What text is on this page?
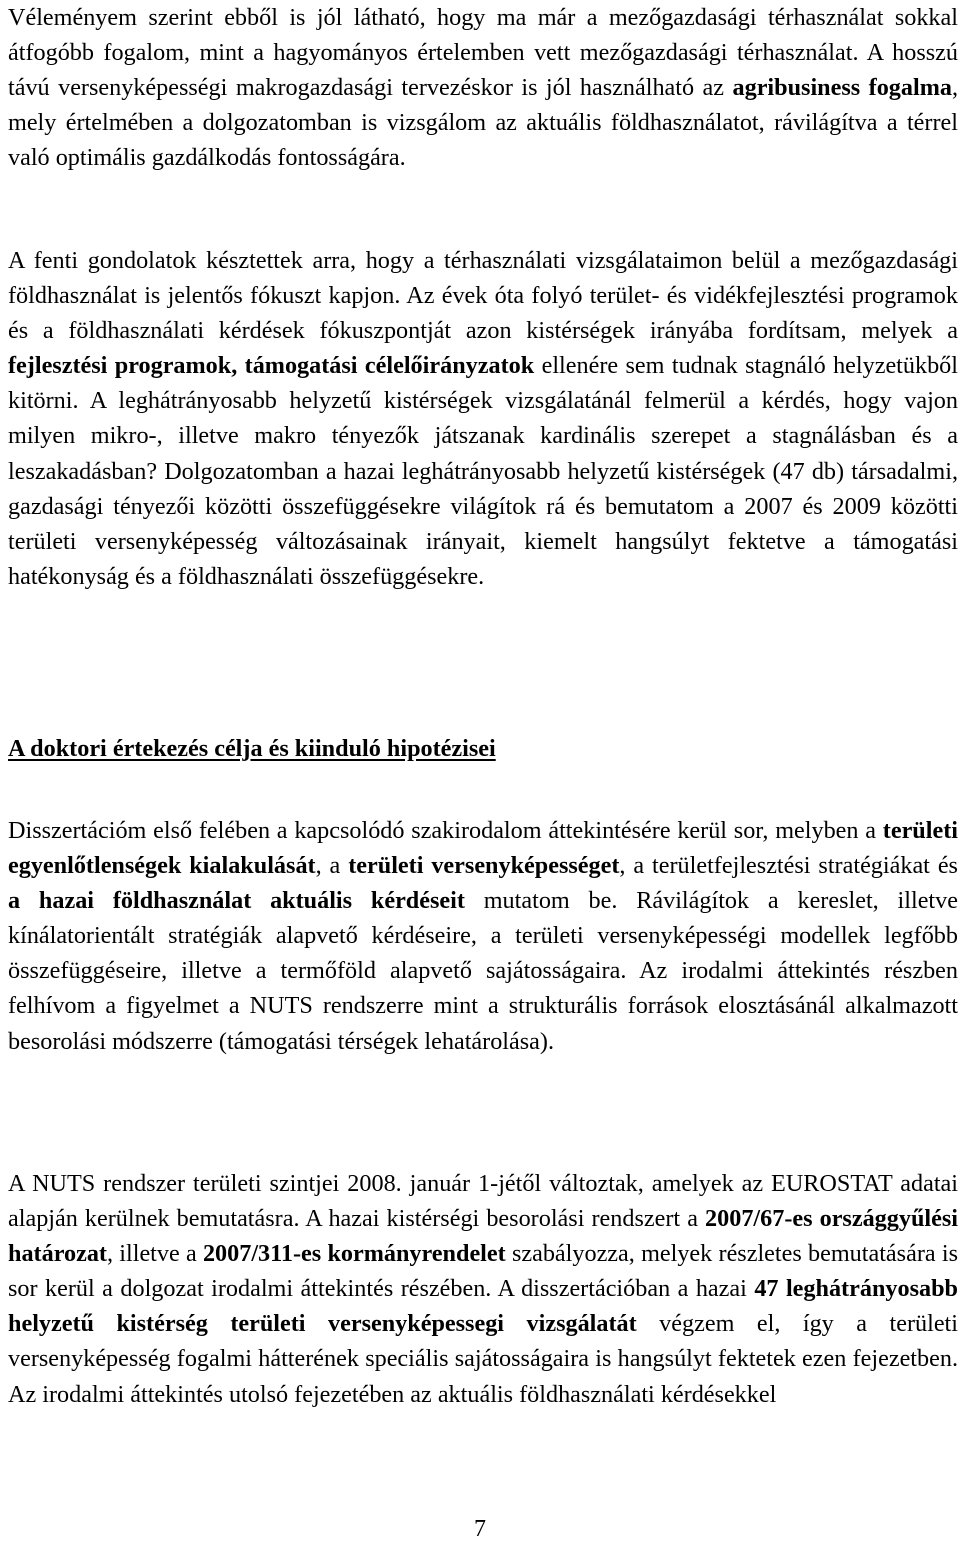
Véleményem szerint ebből is jól látható, hogy ma már a mezőgazdasági térhasználat sokkal átfogóbb fogalom, mint a hagyományos értelemben vett mezőgazdasági térhasználat. A hosszú távú versenyképességi makrogazdasági tervezéskor is jól használható az agribusiness fogalma, mely értelmében a dolgozatomban is vizsgálom az aktuális földhasználatot, rávilágítva a térrel való optimális gazdálkodás fontosságára.

A fenti gondolatok késztettek arra, hogy a térhasználati vizsgálataimon belül a mezőgazdasági földhasználat is jelentős fókuszt kapjon. Az évek óta folyó terület- és vidékfejlesztési programok és a földhasználati kérdések fókuszpontját azon kistérségek irányába fordítsam, melyek a fejlesztési programok, támogatási célelőirányzatok ellenére sem tudnak stagnáló helyzetükből kitörni. A leghátrányosabb helyzetű kistérségek vizsgálatánál felmerül a kérdés, hogy vajon milyen mikro-, illetve makro tényezők játszanak kardinális szerepet a stagnálásban és a leszakadásban? Dolgozatomban a hazai leghátrányosabb helyzetű kistérségek (47 db) társadalmi, gazdasági tényezői közötti összefüggésekre világítok rá és bemutatom a 2007 és 2009 közötti területi versenyképesség változásainak irányait, kiemelt hangsúlyt fektetve a támogatási hatékonyság és a földhasználati összefüggésekre.

A doktori értekezés célja és kiinduló hipotézisei

Disszertációm első felében a kapcsolódó szakirodalom áttekintésére kerül sor, melyben a területi egyenlőtlenségek kialakulását, a területi versenyképességet, a területfejlesztési stratégiákat és a hazai földhasználat aktuális kérdéseit mutatom be. Rávilágítok a kereslet, illetve kínálatorientált stratégiák alapvető kérdéseire, a területi versenyképességi modellek legfőbb összefüggéseire, illetve a termőföld alapvető sajátosságaira. Az irodalmi áttekintés részben felhívom a figyelmet a NUTS rendszerre mint a strukturális források elosztásánál alkalmazott besorolási módszerre (támogatási térségek lehatárolása).

A NUTS rendszer területi szintjei 2008. január 1-jétől változtak, amelyek az EUROSTAT adatai alapján kerülnek bemutatásra. A hazai kistérségi besorolási rendszert a 2007/67-es országgyűlési határozat, illetve a 2007/311-es kormányrendelet szabályozza, melyek részletes bemutatására is sor kerül a dolgozat irodalmi áttekintés részében. A disszertációban a hazai 47 leghátrányosabb helyzetű kistérség területi versenyképessegi vizsgálatát végzem el, így a területi versenyképesség fogalmi hátterének speciális sajátosságaira is hangsúlyt fektetek ezen fejezetben. Az irodalmi áttekintés utolsó fejezetében az aktuális földhasználati kérdésekkel

7
